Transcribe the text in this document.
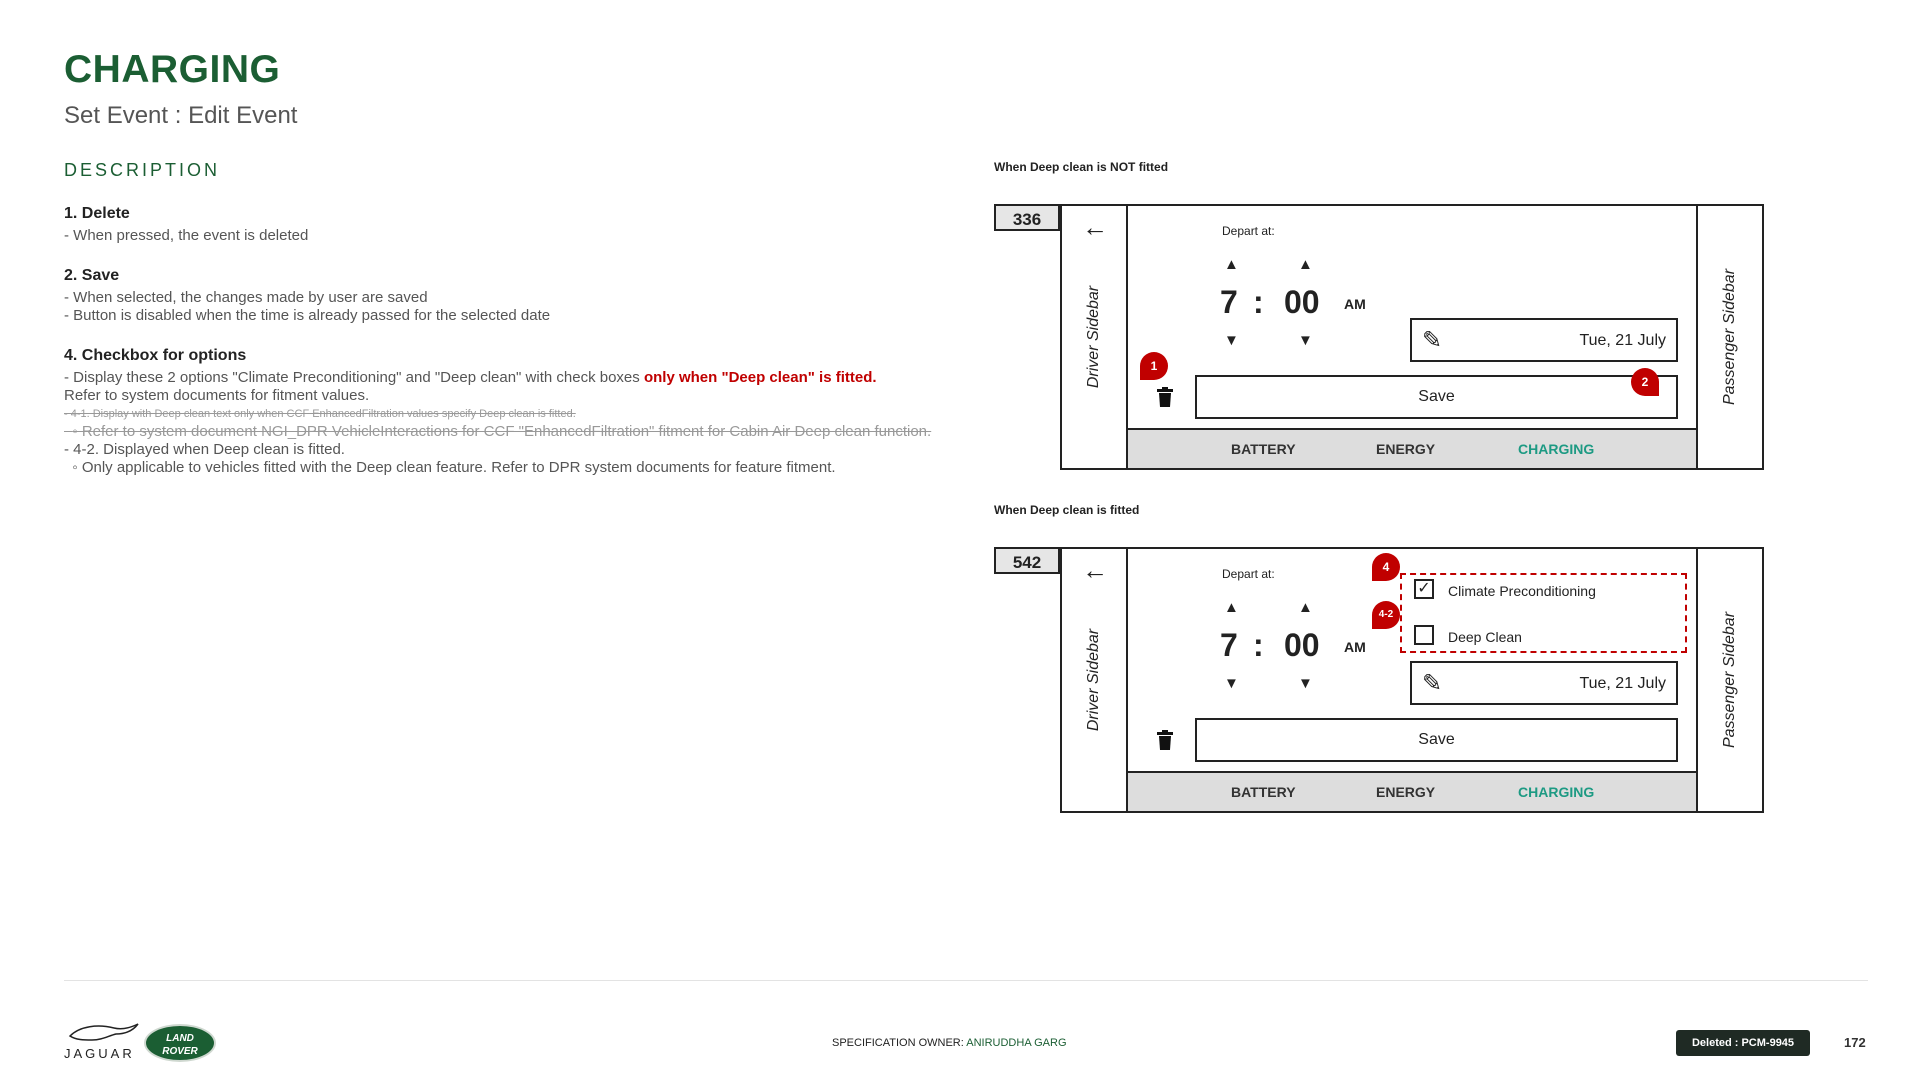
CHARGING
Set Event : Edit Event
DESCRIPTION
1. Delete
- When pressed, the event is deleted
2. Save
- When selected, the changes made by user are saved
- Button is disabled when the time is already passed for the selected date
4. Checkbox for options
- Display these 2 options "Climate Preconditioning" and "Deep clean" with check boxes only when "Deep clean" is fitted.
Refer to system documents for fitment values.
- 4-1. Display with Deep clean text only when CCF EnhancedFiltration values specify Deep clean is fitted.
◦ Refer to system document NGI_DPR VehicleInteractions for CCF "EnhancedFiltration" fitment for Cabin Air Deep clean function.
- 4-2. Displayed when Deep clean is fitted.
◦ Only applicable to vehicles fitted with the Deep clean feature. Refer to DPR system documents for feature fitment.
When Deep clean is NOT fitted
336	←
Driver Sidebar
Depart at:
▲	▲
7 : 00 AM
▼	▼	✎	Tue, 21 July
Save
1
2
BATTERY	ENERGY	CHARGING
Passenger Sidebar
When Deep clean is fitted
542	←
Driver Sidebar
Depart at:
▲	▲
7 : 00 AM
▼	▼
✓ Climate Preconditioning
Deep Clean
4
4-2
✎	Tue, 21 July
Save
BATTERY	ENERGY	CHARGING
Passenger Sidebar
JAGUAR
LAND
ROVER
SPECIFICATION OWNER: ANIRUDDHA GARG	Deleted : PCM-9945	172
